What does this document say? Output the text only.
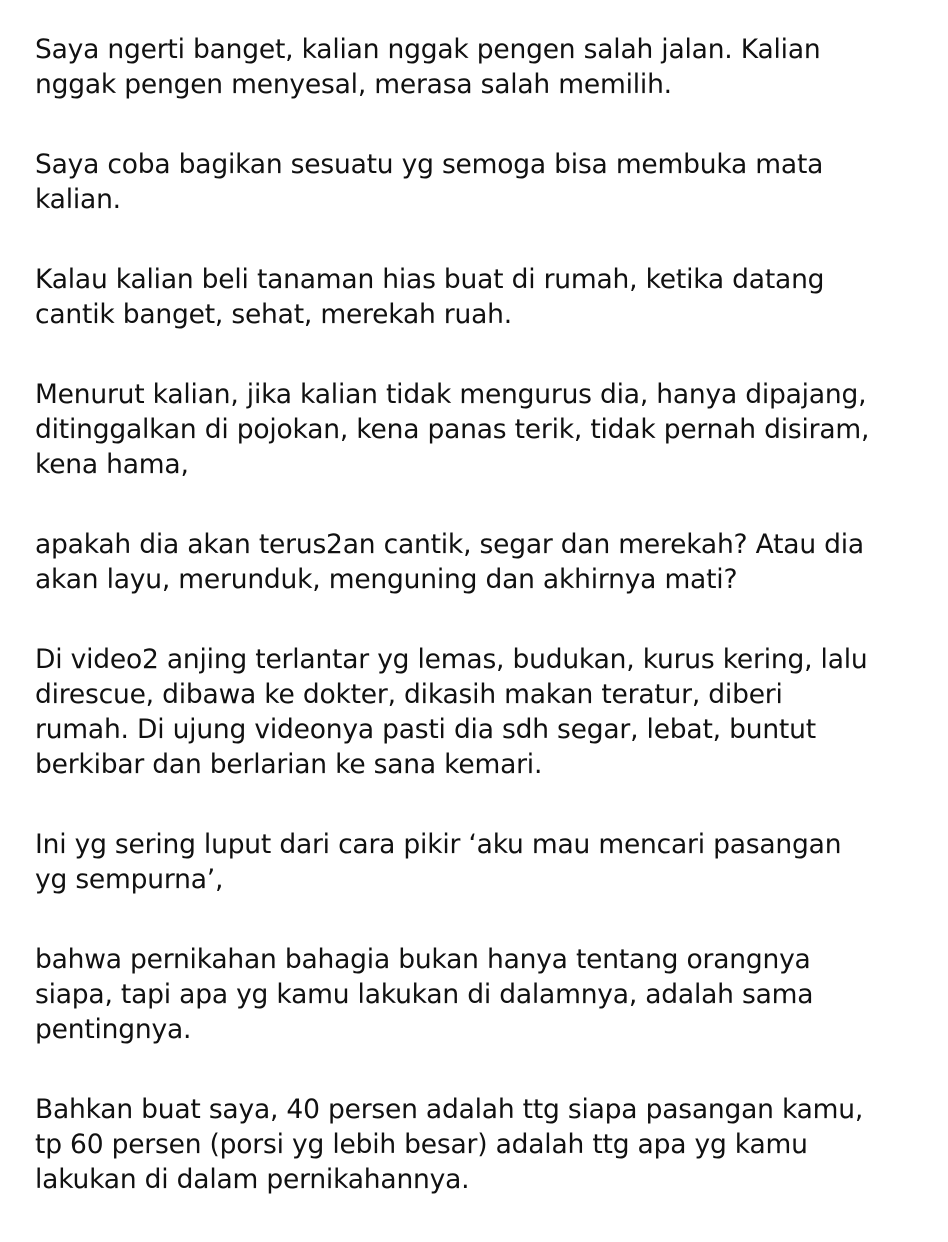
Saya ngerti banget, kalian nggak pengen salah jalan. Kalian
nggak pengen menyesal, merasa salah memilih.

Saya coba bagikan sesuatu yg semoga bisa membuka mata
kalian.

Kalau kalian beli tanaman hias buat di rumah, ketika datang
cantik banget, sehat, merekah ruah.

Menurut kalian, jika kalian tidak mengurus dia, hanya dipajang,
ditinggalkan di pojokan, kena panas terik, tidak pernah disiram,
kena hama,

apakah dia akan terus2an cantik, segar dan merekah? Atau dia
akan layu, merunduk, menguning dan akhirnya mati?

Di video2 anjing terlantar yg lemas, budukan, kurus kering, lalu
direscue, dibawa ke dokter, dikasih makan teratur, diberi
rumah. Di ujung videonya pasti dia sdh segar, lebat, buntut
berkibar dan berlarian ke sana kemari.

Ini yg sering luput dari cara pikir ‘aku mau mencari pasangan
yg sempurna’,

bahwa pernikahan bahagia bukan hanya tentang orangnya
siapa, tapi apa yg kamu lakukan di dalamnya, adalah sama
pentingnya.

Bahkan buat saya, 40 persen adalah ttg siapa pasangan kamu,
tp 60 persen (porsi yg lebih besar) adalah ttg apa yg kamu
lakukan di dalam pernikahannya.
